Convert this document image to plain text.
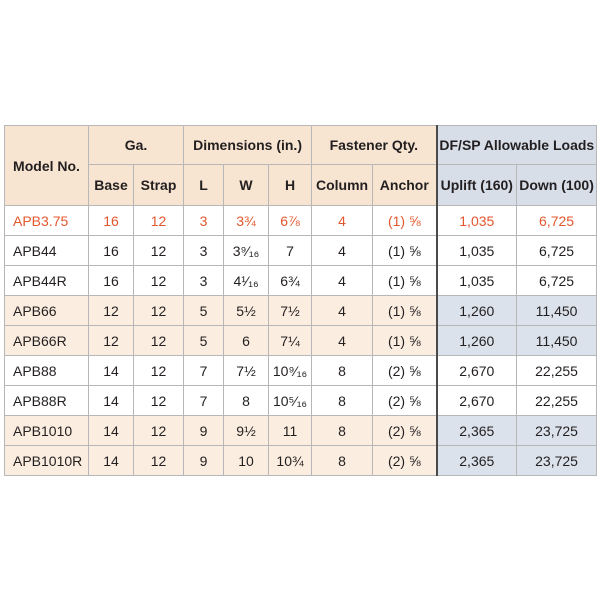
Model No.	Ga.		Dimensions (in.)			Fastener Qty.		DF/SP Allowable Loads	
	Base	Strap	L	W	H	Column	Anchor	Uplift (160)	Down (100)
APB3.75	16	12	3	3¾	6⅞	4	(1) ⅝	1,035	6,725
APB44	16	12	3	3⁹⁄₁₆	7	4	(1) ⅝	1,035	6,725
APB44R	16	12	3	4¹⁄₁₆	6¾	4	(1) ⅝	1,035	6,725
APB66	12	12	5	5½	7½	4	(1) ⅝	1,260	11,450
APB66R	12	12	5	6	7¼	4	(1) ⅝	1,260	11,450
APB88	14	12	7	7½	10⁹⁄₁₆	8	(2) ⅝	2,670	22,255
APB88R	14	12	7	8	10⁵⁄₁₆	8	(2) ⅝	2,670	22,255
APB1010	14	12	9	9½	11	8	(2) ⅝	2,365	23,725
APB1010R	14	12	9	10	10¾	8	(2) ⅝	2,365	23,725
